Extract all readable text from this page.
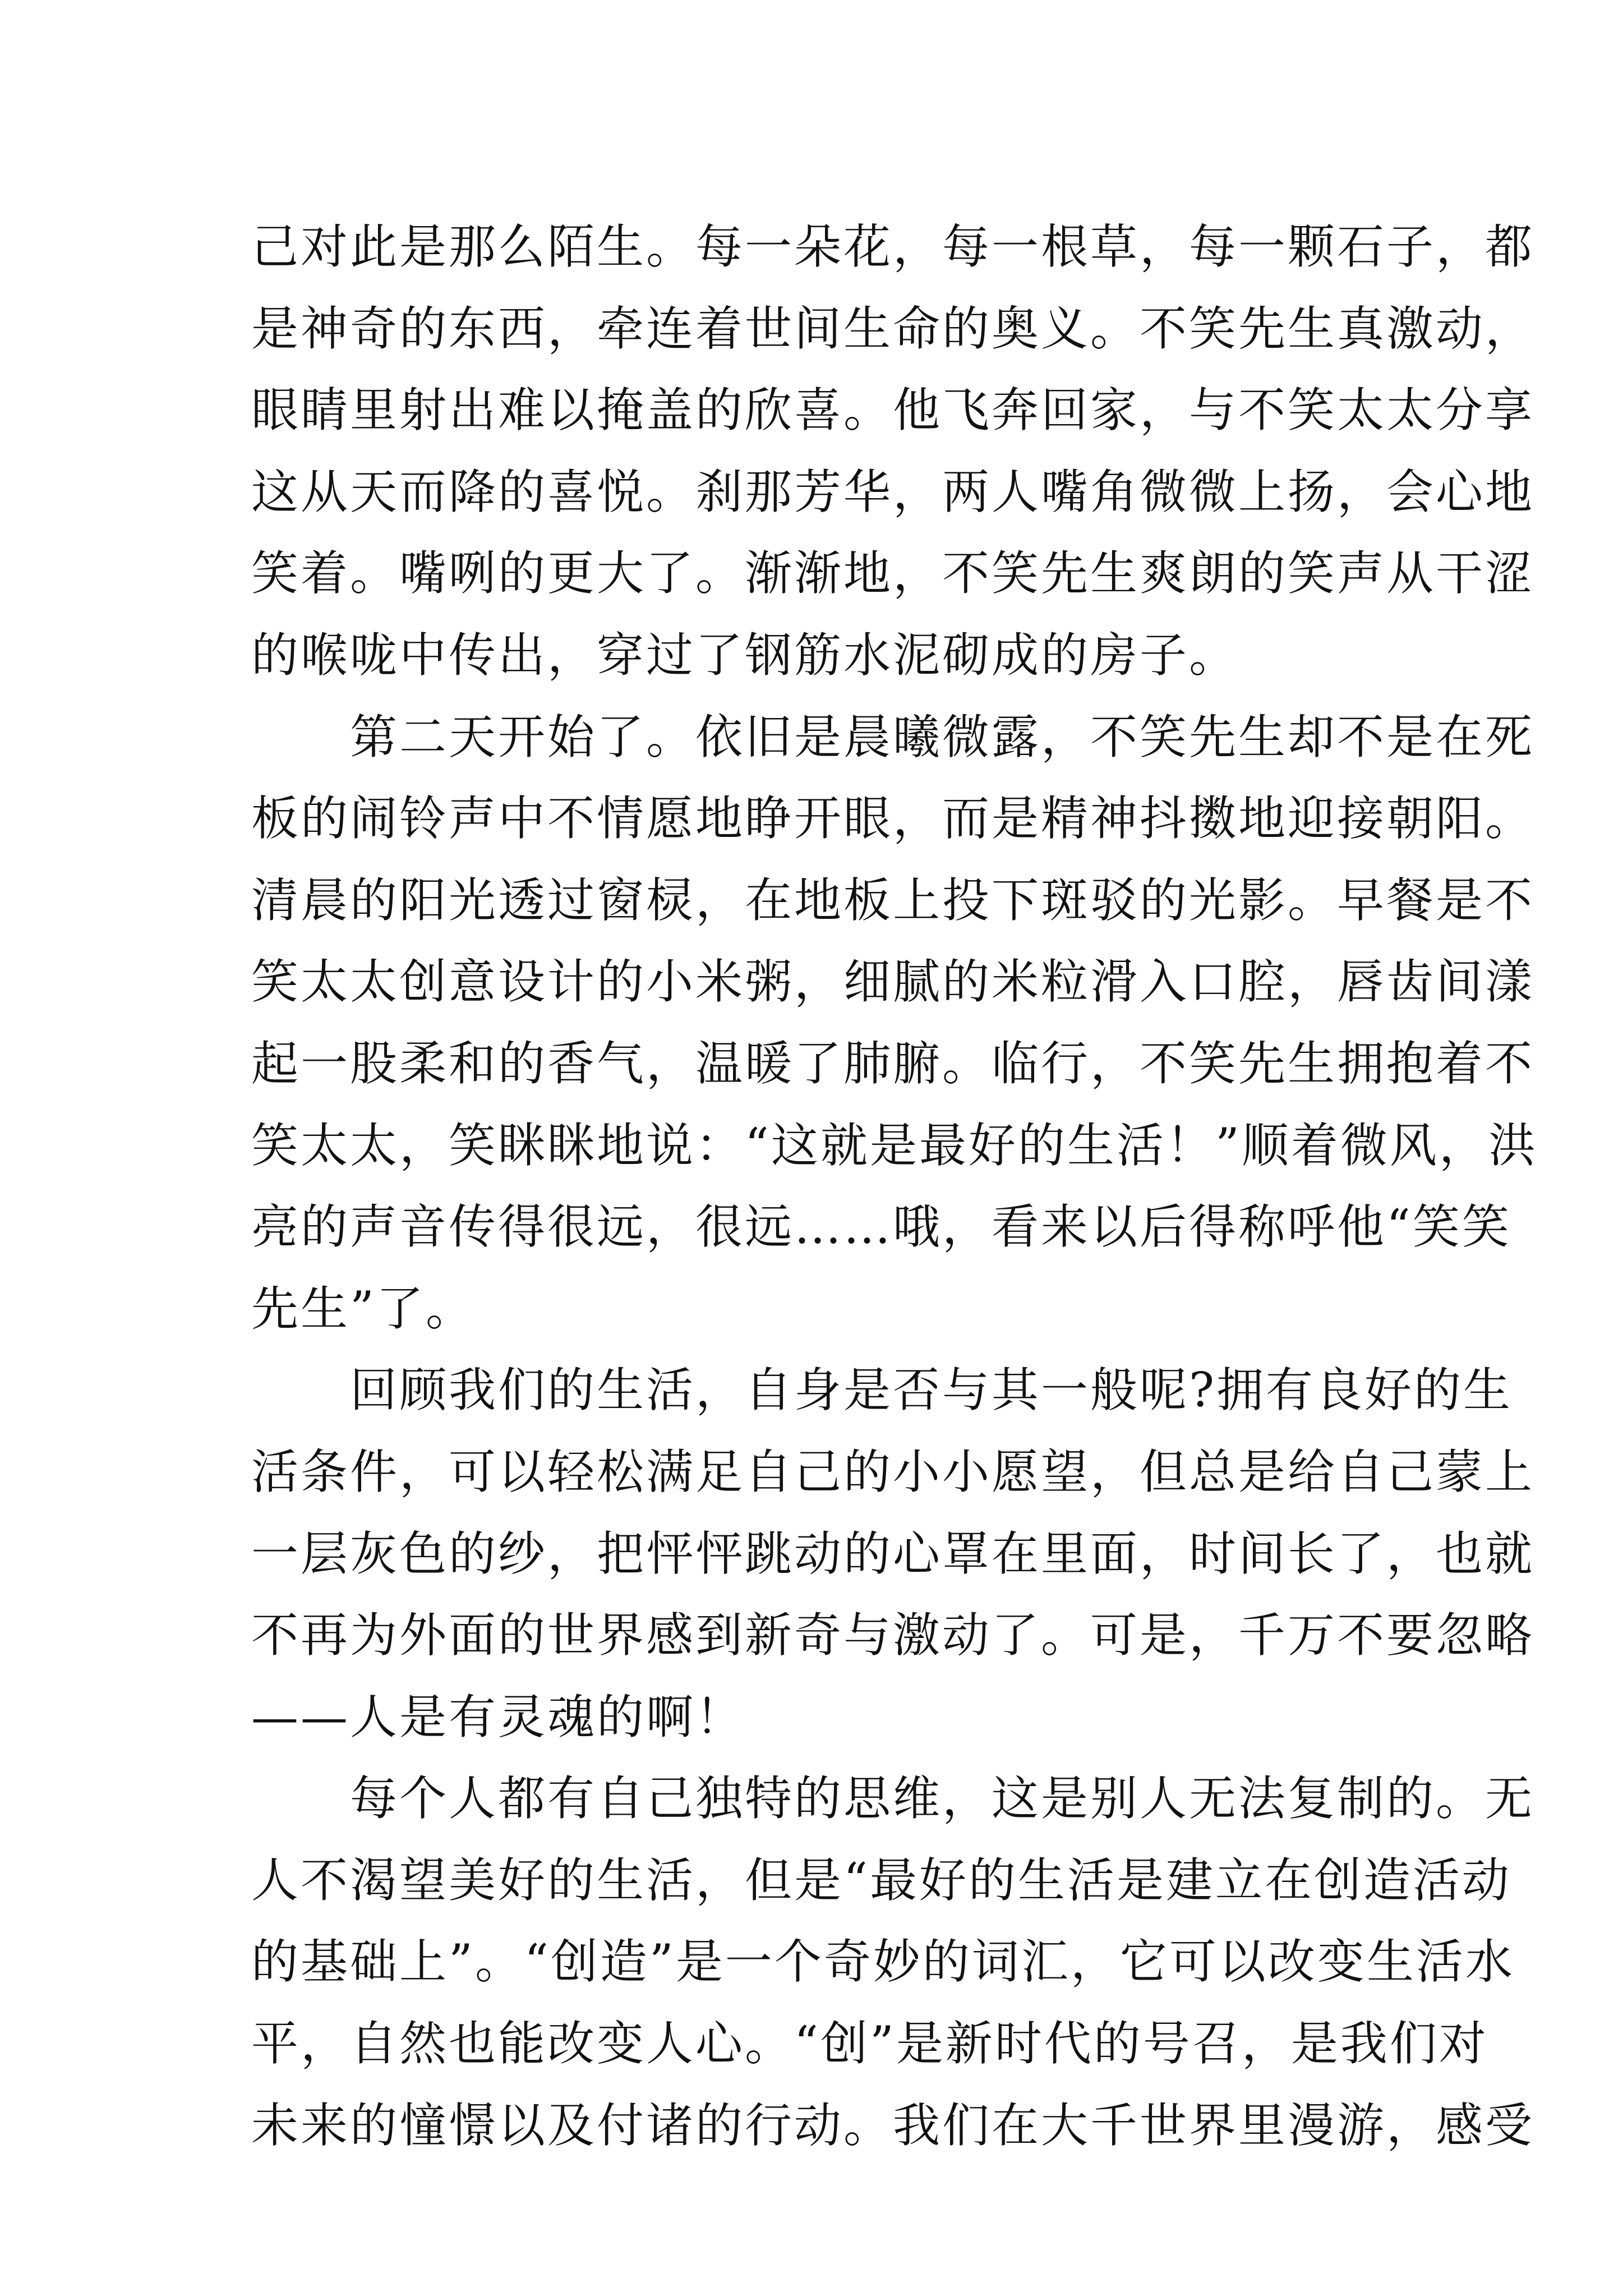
己对此是那么陌生。每一朵花，每一根草，每一颗石子，都
是神奇的东西，牵连着世间生命的奥义。不笑先生真激动，
眼睛里射出难以掩盖的欣喜。他飞奔回家，与不笑太太分享
这从天而降的喜悦。刹那芳华，两人嘴角微微上扬，会心地
笑着。嘴咧的更大了。渐渐地，不笑先生爽朗的笑声从干涩
的喉咙中传出，穿过了钢筋水泥砌成的房子。
　　第二天开始了。依旧是晨曦微露，不笑先生却不是在死
板的闹铃声中不情愿地睁开眼，而是精神抖擞地迎接朝阳。
清晨的阳光透过窗棂，在地板上投下斑驳的光影。早餐是不
笑太太创意设计的小米粥，细腻的米粒滑入口腔，唇齿间漾
起一股柔和的香气，温暖了肺腑。临行，不笑先生拥抱着不
笑太太，笑眯眯地说：“这就是最好的生活！”顺着微风，洪
亮的声音传得很远，很远……哦，看来以后得称呼他“笑笑
先生”了。
　　回顾我们的生活，自身是否与其一般呢?拥有良好的生
活条件，可以轻松满足自己的小小愿望，但总是给自己蒙上
一层灰色的纱，把怦怦跳动的心罩在里面，时间长了，也就
不再为外面的世界感到新奇与激动了。可是，千万不要忽略
——人是有灵魂的啊！
　　每个人都有自己独特的思维，这是别人无法复制的。无
人不渴望美好的生活，但是“最好的生活是建立在创造活动
的基础上”。“创造”是一个奇妙的词汇，它可以改变生活水
平，自然也能改变人心。“创”是新时代的号召，是我们对
未来的憧憬以及付诸的行动。我们在大千世界里漫游，感受
